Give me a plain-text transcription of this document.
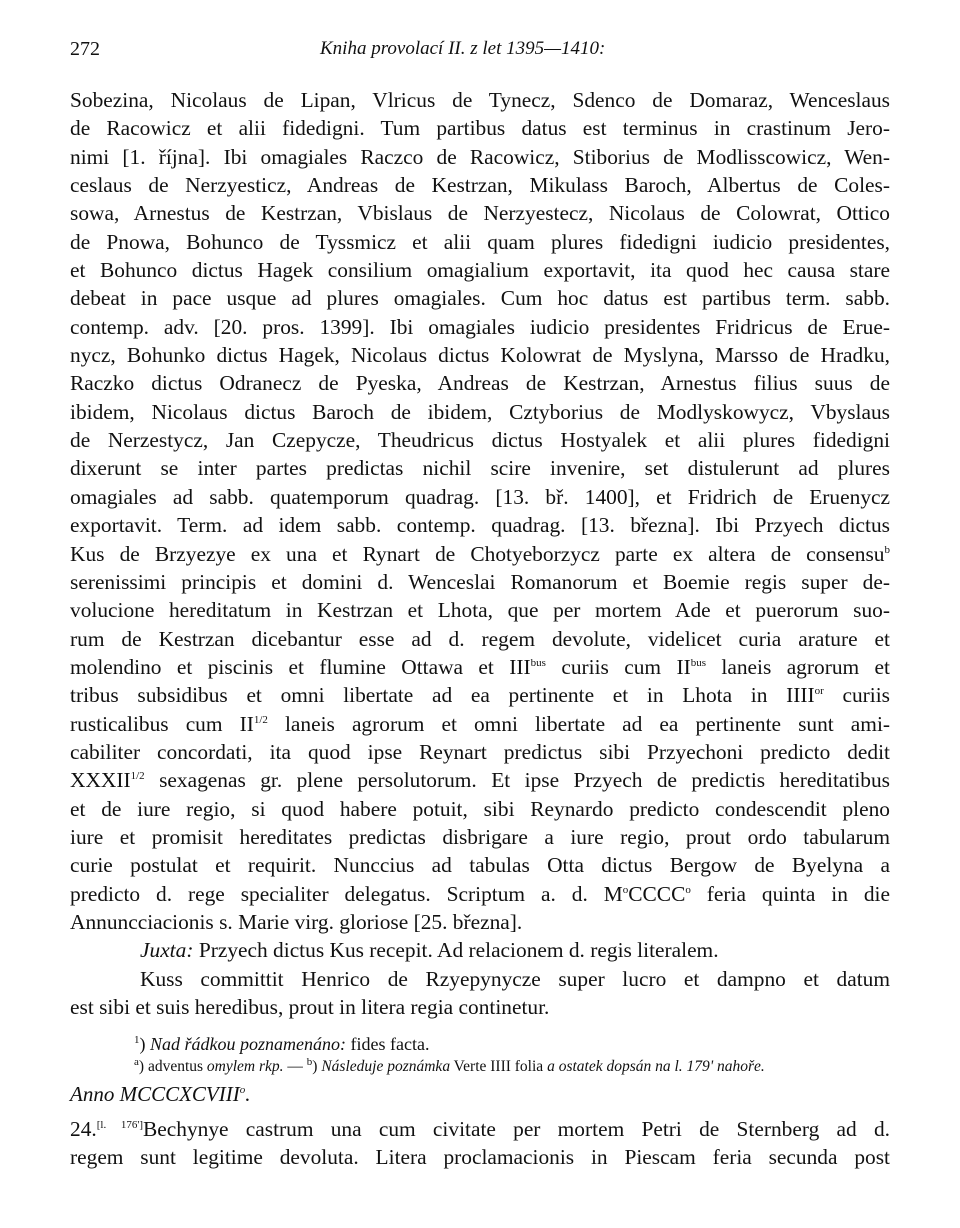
272	Kniha provolací II. z let 1395—1410:
Sobezina, Nicolaus de Lipan, Vlricus de Tynecz, Sdenco de Domaraz, Wenceslaus
de Racowicz et alii fidedigni. Tum partibus datus est terminus in crastinum Jero-
nimi [1. října]. Ibi omagiales Raczco de Racowicz, Stiborius de Modlisscowicz, Wen-
ceslaus de Nerzyesticz, Andreas de Kestrzan, Mikulass Baroch, Albertus de Coles-
sowa, Arnestus de Kestrzan, Vbislaus de Nerzyestecz, Nicolaus de Colowrat, Ottico
de Pnowa, Bohunco de Tyssmicz et alii quam plures fidedigni iudicio presidentes,
et Bohunco dictus Hagek consilium omagialium exportavit, ita quod hec causa stare
debeat in pace usque ad plures omagiales. Cum hoc datus est partibus term. sabb.
contemp. adv. [20. pros. 1399]. Ibi omagiales iudicio presidentes Fridricus de Erue-
nycz, Bohunko dictus Hagek, Nicolaus dictus Kolowrat de Myslyna, Marsso de Hradku,
Raczko dictus Odranecz de Pyeska, Andreas de Kestrzan, Arnestus filius suus de
ibidem, Nicolaus dictus Baroch de ibidem, Cztyborius de Modlyskowycz, Vbyslaus
de Nerzestycz, Jan Czepycze, Theudricus dictus Hostyalek et alii plures fidedigni
dixerunt se inter partes predictas nichil scire invenire, set distulerunt ad plures
omagiales ad sabb. quatemporum quadrag. [13. bř. 1400], et Fridrich de Eruenycz
exportavit. Term. ad idem sabb. contemp. quadrag. [13. března]. Ibi Przyech dictus
Kus de Brzyezye ex una et Rynart de Chotyeborzycz parte ex altera de consensu$^b$
serenissimi principis et domini d. Wenceslai Romanorum et Boemie regis super de-
volucione hereditatum in Kestrzan et Lhota, que per mortem Ade et puerorum suo-
rum de Kestrzan dicebantur esse ad d. regem devolute, videlicet curia arature et
molendino et piscinis et flumine Ottawa et $III^{bus}$ curiis cum $II^{bus}$ laneis agrorum et
tribus subsidibus et omni libertate ad ea pertinente et in Lhota in $IIII^{or}$ curiis
rusticalibus cum $II^{1/2}$ laneis agrorum et omni libertate ad ea pertinente sunt ami-
cabiliter concordati, ita quod ipse Reynart predictus sibi Przyechoni predicto dedit
$XXXII^{1/2}$ sexagenas gr. plene persolutorum. Et ipse Przyech de predictis hereditatibus
et de iure regio, si quod habere potuit, sibi Reynardo predicto condescendit pleno
iure et promisit hereditates predictas disbrigare a iure regio, prout ordo tabularum
curie postulat et requirit. Nunccius ad tabulas Otta dictus Bergow de Byelyna a
predicto d. rege specialiter delegatus. Scriptum a. d. $M^oCCCC^o$ feria quinta in die
Annuncciacionis s. Marie virg. gloriose [25. března].
Juxta: Przyech dictus Kus recepit. Ad relacionem d. regis literalem.
Kuss committit Henrico de Rzyepynycze super lucro et dampno et datum
est sibi et suis heredibus, prout in litera regia continetur.
$^1$) Nad řádkou poznamenáno: fides facta.
$^a$) adventus omylem rkp. — $^b$) Následuje poznámka Verte IIII folia a ostatek dopsán na l. 179' nahoře.
Anno MCCCXCVIII$^o$.
24.[l. 176']Bechynye castrum una cum civitate per mortem Petri de Sternberg ad d.
regem sunt legitime devoluta. Litera proclamacionis in Piescam feria secunda post
